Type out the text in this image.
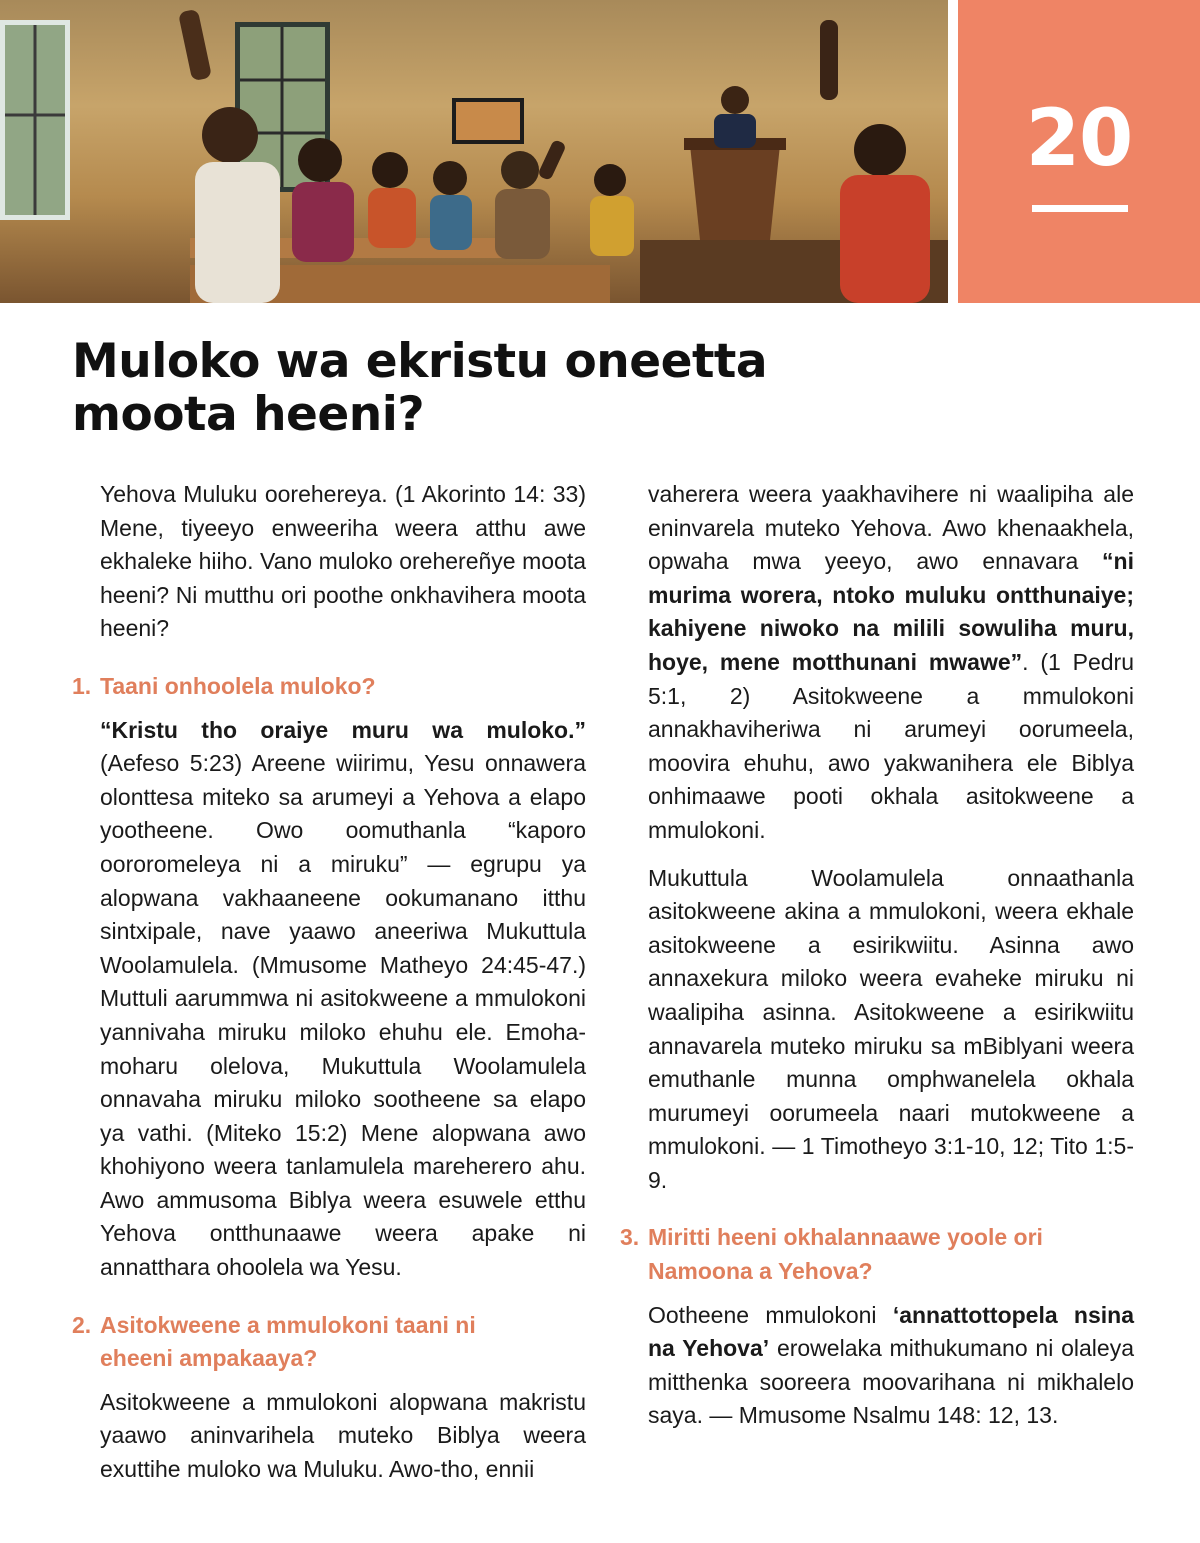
20
Muloko wa ekristu oneetta
moota heeni?

Yehova Muluku oorehereya. (1 Akorinto 14: 33) Mene, tiyeeyo enweeriha weera atthu awe ekhaleke hiiho. Vano muloko orehereñye moota heeni? Ni mutthu ori poothe onkhavihera moota heeni?

1. Taani onhoolela muloko?

“Kristu tho oraiye muru wa muloko.” (Aefeso 5:23) Areene wiirimu, Yesu onnawera olonttesa miteko sa arumeyi a Yehova a elapo yootheene. Owo oomuthanla “kaporo oororomeleya ni a miruku” — egrupu ya alopwana vakhaaneene ookumanano itthu sintxipale, nave yaawo aneeriwa Mukuttula Woolamulela. (Mmusome Matheyo 24:45-47.) Muttuli aarummwa ni asitokweene a mmulokoni yannivaha miruku miloko ehuhu ele. Emoha-moharu olelova, Mukuttula Woolamulela onnavaha miruku miloko sootheene sa elapo ya vathi. (Miteko 15:2) Mene alopwana awo khohiyono weera tanlamulela mareherero ahu. Awo ammusoma Biblya weera esuwele etthu Yehova ontthunaawe weera apake ni annatthara ohoolela wa Yesu.

2. Asitokweene a mmulokoni taani ni
eheeni ampakaaya?

Asitokweene a mmulokoni alopwana makristu yaawo aninvarihela muteko Biblya weera exuttihe muloko wa Muluku. Awo-tho, ennii

vaherera weera yaakhavihere ni waalipiha ale eninvarela muteko Yehova. Awo khenaakhela, opwaha mwa yeeyo, awo ennavara “ni murima worera, ntoko muluku ontthunaiye; kahiyene niwoko na milili sowuliha muru, hoye, mene motthunani mwawe”. (1 Pedru 5:1, 2) Asitokweene a mmulokoni annakhaviheriwa ni arumeyi oorumeela, moovira ehuhu, awo yakwanihera ele Biblya onhimaawe pooti okhala asitokweene a mmulokoni.

Mukuttula Woolamulela onnaathanla asitokweene akina a mmulokoni, weera ekhale asitokweene a esirikwiitu. Asinna awo annaxekura miloko weera evaheke miruku ni waalipiha asinna. Asitokweene a esirikwiitu annavarela muteko miruku sa mBiblyani weera emuthanle munna omphwanelela okhala murumeyi oorumeela naari mutokweene a mmulokoni. — 1 Timotheyo 3:1-10, 12; Tito 1:5-9.

3. Miritti heeni okhalannaawe yoole ori
Namoona a Yehova?

Ootheene mmulokoni ‘annattottopela nsina na Yehova’ erowelaka mithukumano ni olaleya mitthenka sooreera moovarihana ni mikhalelo saya. — Mmusome Nsalmu 148: 12, 13.
